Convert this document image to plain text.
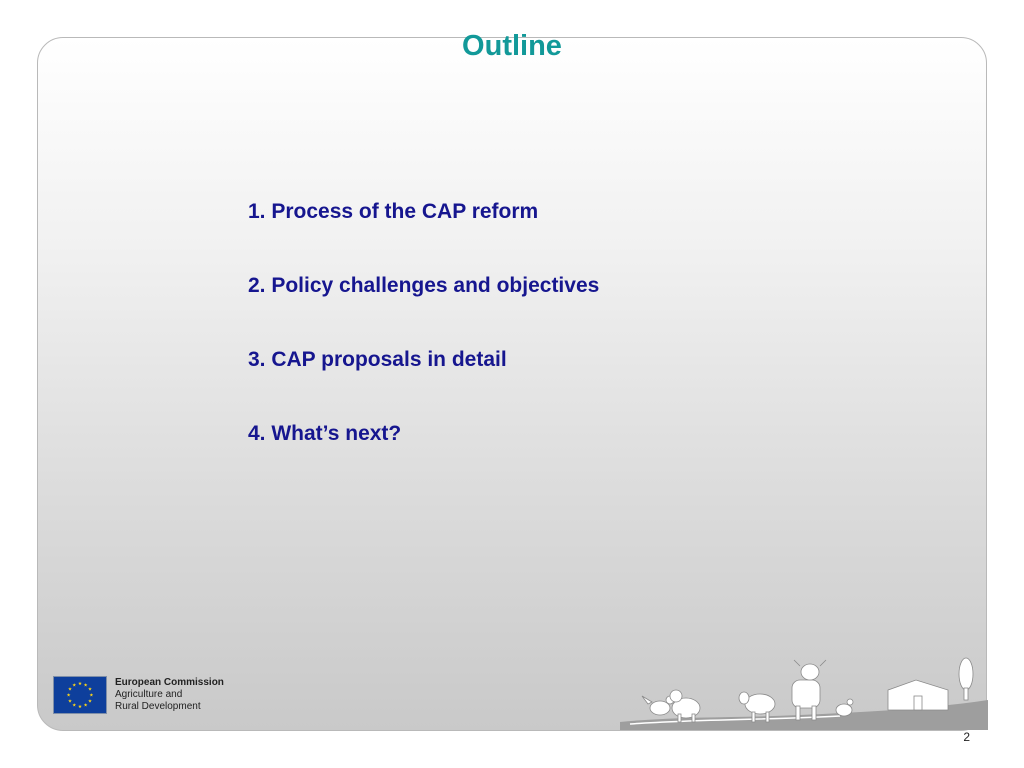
Outline
1. Process of the CAP reform
2. Policy challenges and objectives
3. CAP proposals in detail
4. What’s next?
★ ★
★
★
★
★
★
★
★
★
★
★	European Commission
Agriculture and
Rural Development
2
